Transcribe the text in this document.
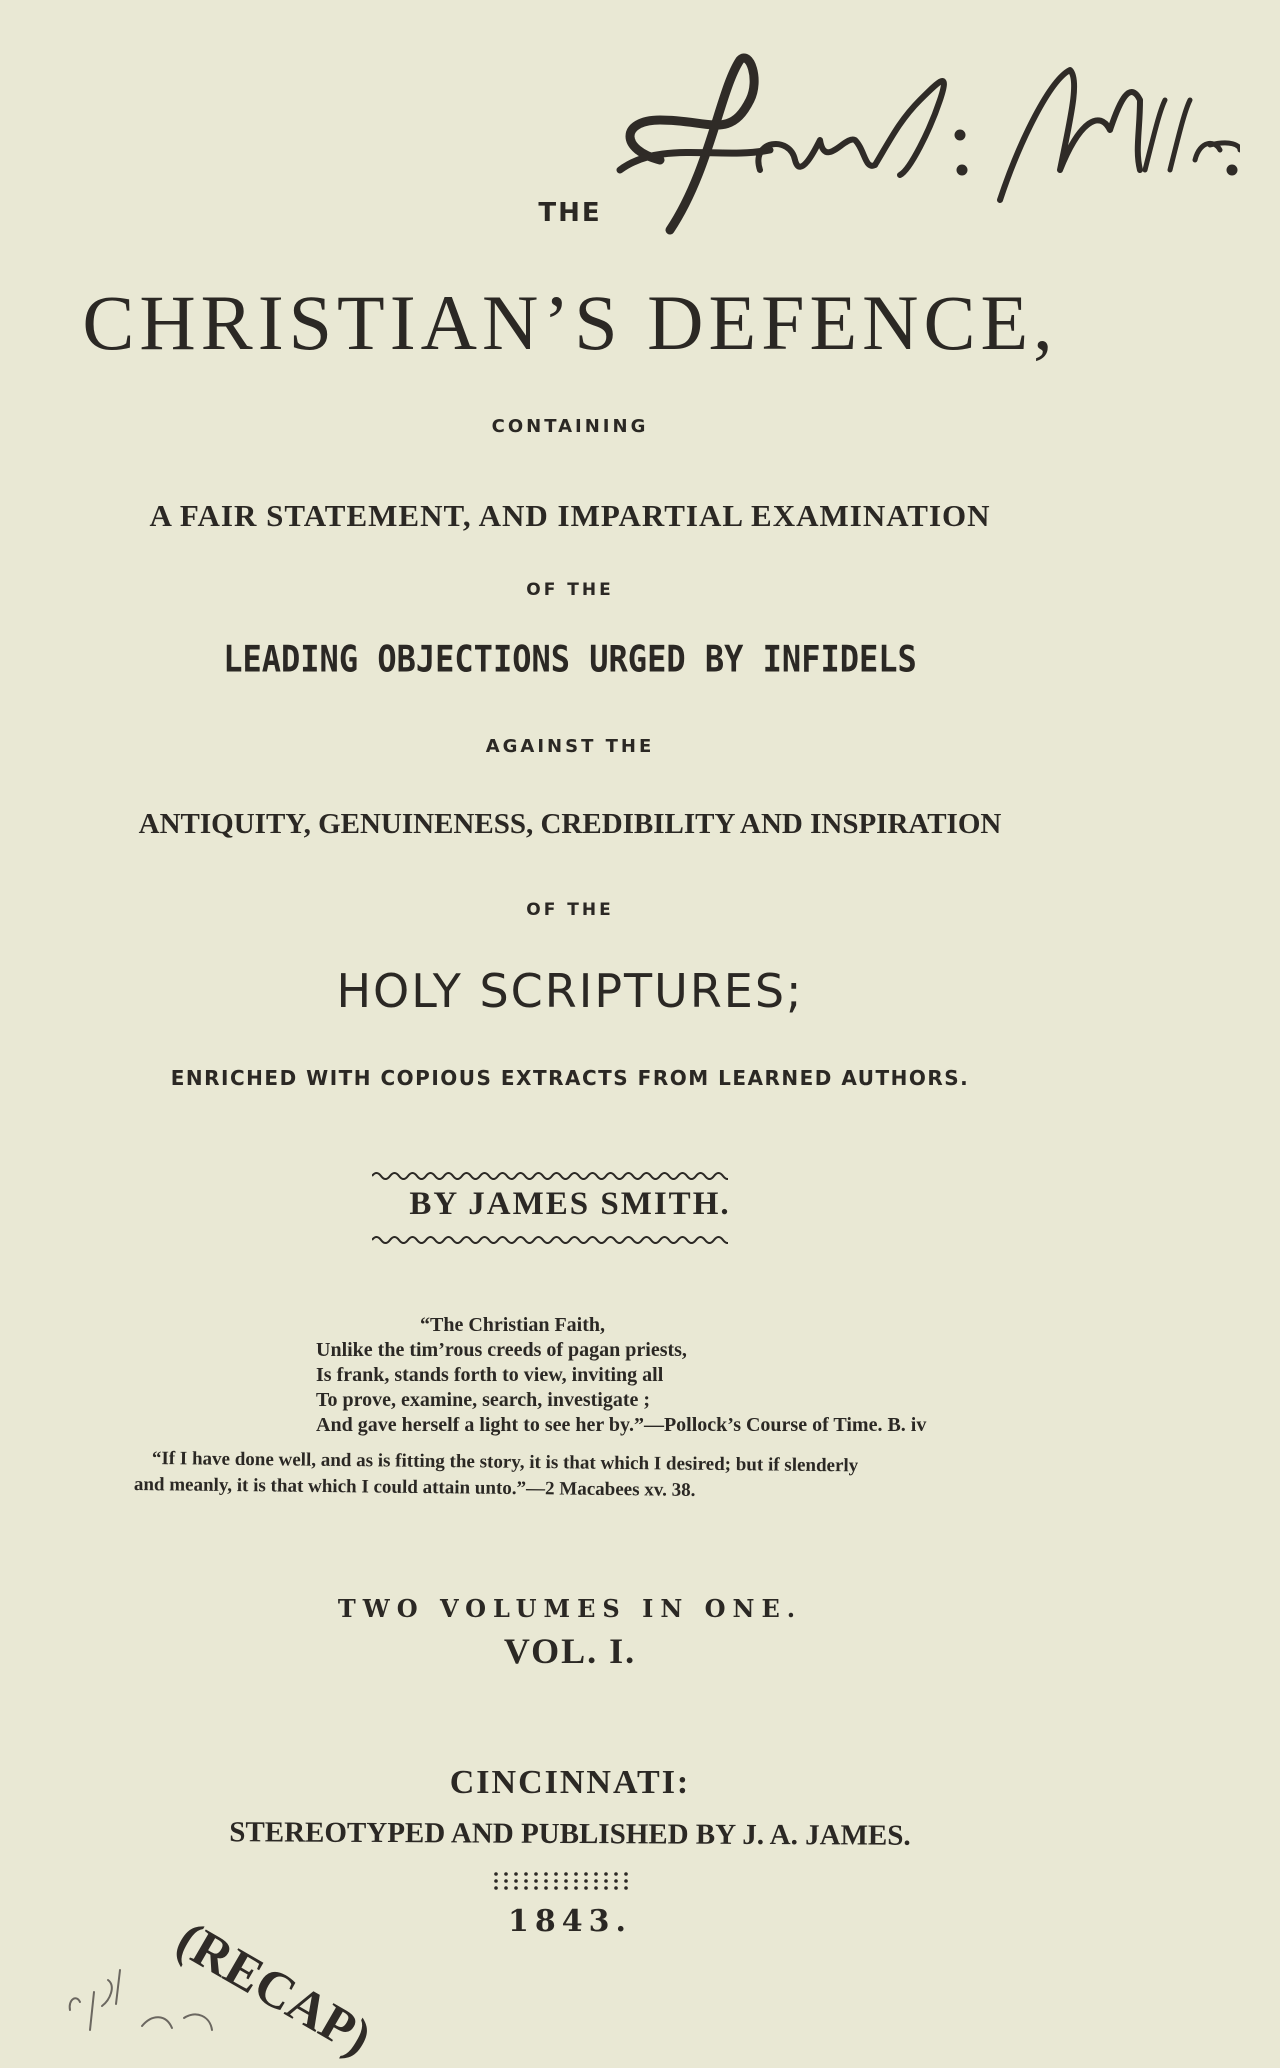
THE
CHRISTIAN’S DEFENCE,
CONTAINING
A FAIR STATEMENT, AND IMPARTIAL EXAMINATION
OF THE
LEADING OBJECTIONS URGED BY INFIDELS
AGAINST THE
ANTIQUITY, GENUINENESS, CREDIBILITY AND INSPIRATION
OF THE
HOLY SCRIPTURES;
ENRICHED WITH COPIOUS EXTRACTS FROM LEARNED AUTHORS.
BY JAMES SMITH.
“The Christian Faith,
Unlike the tim’rous creeds of pagan priests,
Is frank, stands forth to view, inviting all
To prove, examine, search, investigate ;
And gave herself a light to see her by.”—Pollock’s Course of Time. B. iv
“If I have done well, and as is fitting the story, it is that which I desired; but if slenderly
and meanly, it is that which I could attain unto.”—2 Macabees xv. 38.
TWO VOLUMES IN ONE.
VOL. I.
CINCINNATI:
STEREOTYPED AND PUBLISHED BY J. A. JAMES.
1843.
(RECAP)
